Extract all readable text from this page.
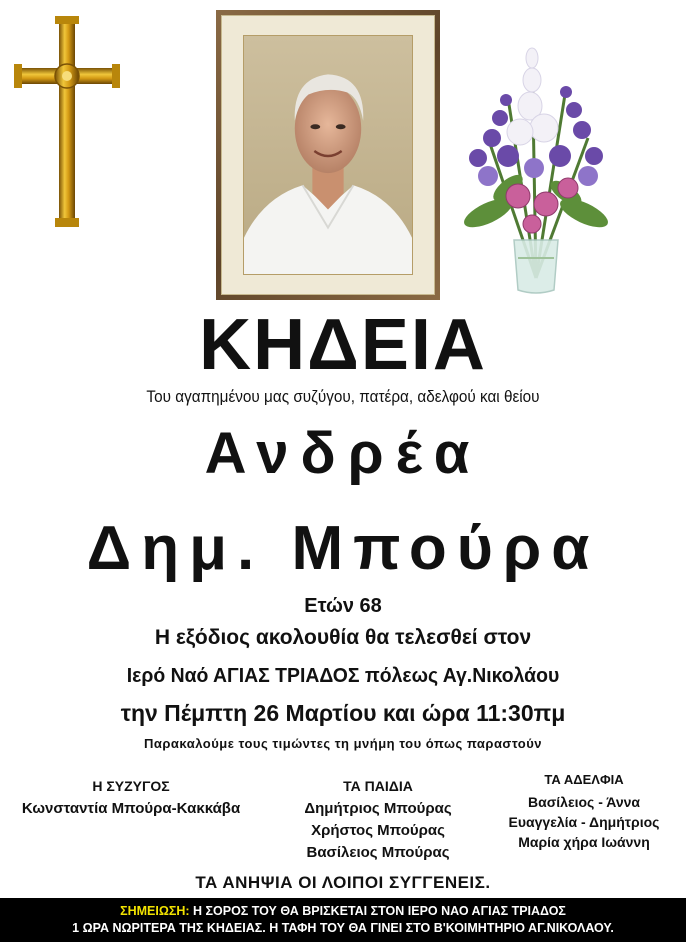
ΚΗΔΕΙΑ
Του αγαπημένου μας συζύγου, πατέρα, αδελφού και θείου
Ανδρέα
Δημ. Μπούρα
Ετών 68
Η εξόδιος ακολουθία θα τελεσθεί στον
Ιερό Ναό ΑΓΙΑΣ ΤΡΙΑΔΟΣ πόλεως Αγ.Νικολάου
την Πέμπτη 26 Μαρτίου και ώρα 11:30πμ
Παρακαλούμε τους τιμώντες τη μνήμη του όπως παραστούν
Η ΣΥΖΥΓΟΣ
Κωνσταντία Μπούρα-Κακκάβα
ΤΑ ΠΑΙΔΙΑ
Δημήτριος Μπούρας
Χρήστος Μπούρας
Βασίλειος Μπούρας
ΤΑ ΑΔΕΛΦΙΑ
Βασίλειος - Άννα
Ευαγγελία - Δημήτριος
Μαρία χήρα Ιωάννη
ΤΑ ΑΝΗΨΙΑ ΟΙ ΛΟΙΠΟΙ ΣΥΓΓΕΝΕΙΣ.
ΣΗΜΕΙΩΣΗ: Η ΣΟΡΟΣ ΤΟΥ ΘΑ ΒΡΙΣΚΕΤΑΙ ΣΤΟΝ ΙΕΡΟ ΝΑΟ ΑΓΙΑΣ ΤΡΙΑΔΟΣ
1 ΩΡΑ ΝΩΡΙΤΕΡΑ ΤΗΣ ΚΗΔΕΙΑΣ. Η ΤΑΦΗ ΤΟΥ ΘΑ ΓΙΝΕΙ ΣΤΟ Β'ΚΟΙΜΗΤΗΡΙΟ ΑΓ.ΝΙΚΟΛΑΟΥ.
